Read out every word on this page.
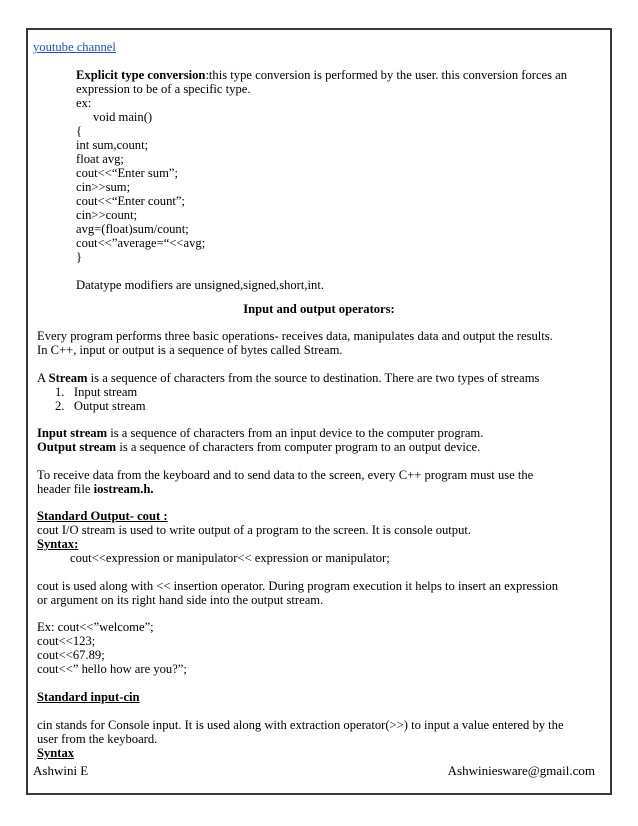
youtube channel
Explicit type conversion:this type conversion is performed by the user. this conversion forces an
expression to be of a specific type.
ex:
void main()
{
int sum,count;
float avg;
cout<<“Enter sum”;
cin>>sum;
cout<<“Enter count”;
cin>>count;
avg=(float)sum/count;
cout<<”average=“<<avg;
}
Datatype modifiers are unsigned,signed,short,int.
Input and output operators:
Every program performs three basic operations- receives data, manipulates data and output the results.
In C++, input or output is a sequence of bytes called Stream.
A Stream is a sequence of characters from the source to destination. There are two types of streams
1. Input stream
2. Output stream
Input stream is a sequence of characters from an input device to the computer program.
Output stream is a sequence of characters from computer program to an output device.
To receive data from the keyboard and to send data to the screen, every C++ program must use the
header file iostream.h.
Standard Output- cout :
cout I/O stream is used to write output of a program to the screen. It is console output.
Syntax:
cout<<expression or manipulator<< expression or manipulator;
cout is used along with << insertion operator. During program execution it helps to insert an expression
or argument on its right hand side into the output stream.
Ex: cout<<”welcome”;
cout<<123;
cout<<67.89;
cout<<” hello how are you?”;
Standard input-cin
cin stands for Console input. It is used along with extraction operator(>>) to input a value entered by the
user from the keyboard.
Syntax
Ashwini E	Ashwiniesware@gmail.com
